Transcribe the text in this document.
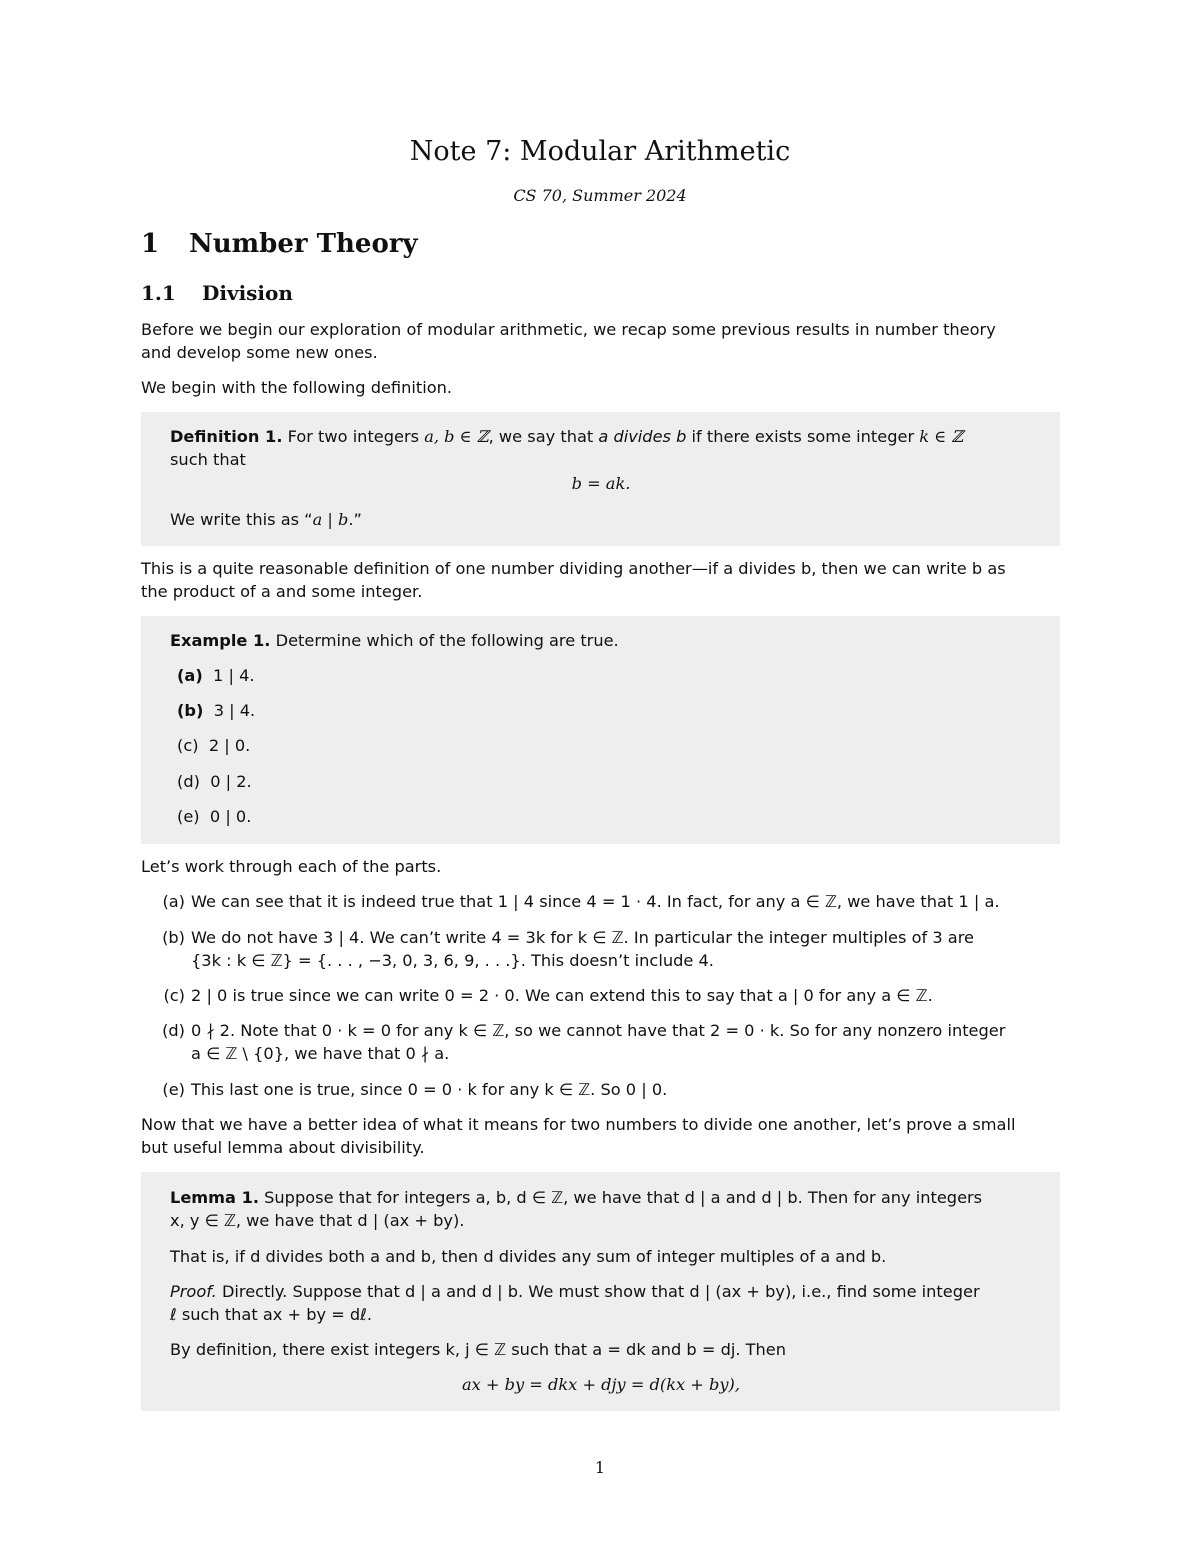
Note 7: Modular Arithmetic
CS 70, Summer 2024
1 Number Theory
1.1 Division
Before we begin our exploration of modular arithmetic, we recap some previous results in number theory
and develop some new ones.
We begin with the following definition.
Definition 1. For two integers a, b ∈ ℤ, we say that a divides b if there exists some integer k ∈ ℤ
such that
b = ak.
We write this as “a | b.”
This is a quite reasonable definition of one number dividing another—if a divides b, then we can write b as
the product of a and some integer.
Example 1. Determine which of the following are true.
(a) 1 | 4.
(b) 3 | 4.
(c) 2 | 0.
(d) 0 | 2.
(e) 0 | 0.
Let’s work through each of the parts.
(a) We can see that it is indeed true that 1 | 4 since 4 = 1 · 4. In fact, for any a ∈ ℤ, we have that 1 | a.
(b) We do not have 3 | 4. We can’t write 4 = 3k for k ∈ ℤ. In particular the integer multiples of 3 are
{3k : k ∈ ℤ} = {. . . , −3, 0, 3, 6, 9, . . .}. This doesn’t include 4.
(c) 2 | 0 is true since we can write 0 = 2 · 0. We can extend this to say that a | 0 for any a ∈ ℤ.
(d) 0 ∤ 2. Note that 0 · k = 0 for any k ∈ ℤ, so we cannot have that 2 = 0 · k. So for any nonzero integer
a ∈ ℤ \ {0}, we have that 0 ∤ a.
(e) This last one is true, since 0 = 0 · k for any k ∈ ℤ. So 0 | 0.
Now that we have a better idea of what it means for two numbers to divide one another, let’s prove a small
but useful lemma about divisibility.
Lemma 1. Suppose that for integers a, b, d ∈ ℤ, we have that d | a and d | b. Then for any integers
x, y ∈ ℤ, we have that d | (ax + by).
That is, if d divides both a and b, then d divides any sum of integer multiples of a and b.
Proof. Directly. Suppose that d | a and d | b. We must show that d | (ax + by), i.e., find some integer
ℓ such that ax + by = dℓ.
By definition, there exist integers k, j ∈ ℤ such that a = dk and b = dj. Then
ax + by = dkx + djy = d(kx + by),
1
